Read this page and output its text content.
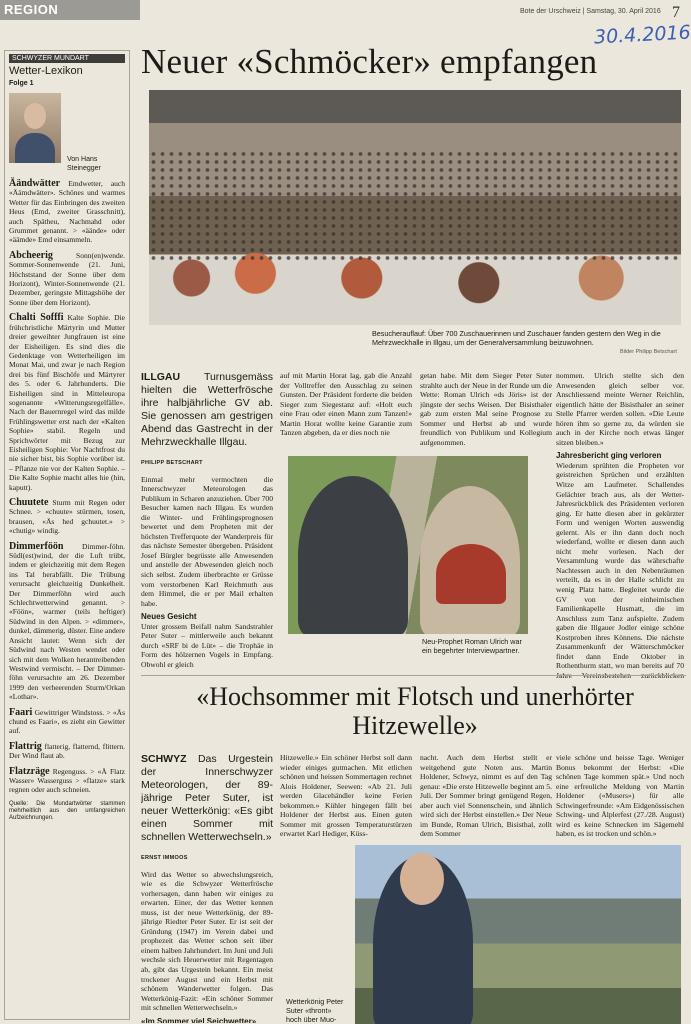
REGION	Bote der Urschweiz | Samstag, 30. April 2016 7
30.4.2016
SCHWYZER MUNDART
Wetter-Lexikon
Folge 1
Von Hans Steinegger
Äändwätter Emdwetter, auch «Äämdwätter». Schönes und warmes Wetter für das Einbringen des zweiten Heus (Emd, zweiter Grasschnitt), auch Spätheu, Nachmahd oder Grummet genannt. > «äände» oder «äämde» Emd einsammeln.
Abcheerig	Sonn(en)wende. Sommer-Sonnenwende (21. Juni, Höchststand der Sonne über dem Horizont), Winter-Sonnenwende (21. Dezember, geringste Mittagshöhe der Sonne über dem Horizont).
Chalti Sofffi Kalte Sophie. Die frühchristliche Märtyrin und Mutter dreier geweihter Jungfrauen ist eine der Eisheiligen. Es sind dies die Gedenktage von Wetterheiligen im Monat Mai, und zwar je nach Region drei bis fünf Bischöfe und Märtyrer des 5. oder 6. Jahrhunderts. Die Eisheiligen sind in Mitteleuropa sogenannte «Witterungsregelfälle». Nach der Bauernregel wird das milde Frühlingswetter erst nach der «Kalten Sophie» stabil. Regeln und Sprichwörter mit Bezug zur Eisheiligen Sophie: Vor Nachtfrost du nie sicher bist, bis Sophie vorüber ist. – Pflanze nie vor der Kalten Sophie. – Die Kalte Sophie macht alles hie (hin, kaputt).
Chuutete Sturm mit Regen oder Schnee. > «chuute» stürmen, tosen, brausen, «Äs hed gchuutet.» > «chutig» windig.
Dimmerföön Dimmer-föhn. Südl(est)wind, der die Luft trübt, indem er gleichzeitig mit dem Regen ins Tal herabfällt. Die Trübung verursacht gleichzeitig Dunkelheit. Der Dimmerföhn wird auch Schlechtwetterwind genannt. > «Föön», warmer (teils heftiger) Südwind in den Alpen. > «dimmer», dunkel, dämmerig, düster. Eine andere Ansicht lautet: Wenn sich der Südwind nach Westen wendet oder sich mit dem Wolken herantreibenden Westwind vermischt. – Der Dimmer-föhn verursachte am 26. Dezember 1999 den verheerenden Sturm/Orkan «Lothar».
Faari Gewittriger Windstoss. > «Äs chund es Faari», es zieht ein Gewitter auf.
Flattrig flatterig, flatternd, flittern. Der Wind flaut ab.
Flatzräge Regenguss. > «Ä Flatz Wasser» Wasserguss > «flatze» stark regnen oder auch schneien.
Quelle: Die Mundartwörter stammen mehrheitlich aus den umfangreichen Aufzeichnungen.
Neuer «Schmöcker» empfangen
Besucherauflauf: Über 700 Zuschauerinnen und Zuschauer fanden gestern den Weg in die Mehrzweckhalle in Illgau, um der Generalversammlung beizuwohnen.
Bilder Philipp Betschart
ILLGAU Turnusgemäss hielten die Wetterfrösche ihre halbjährliche GV ab. Sie genossen am gestrigen Abend das Gastrecht in der Mehrzweckhalle Illgau.
PHILIPP BETSCHART
Einmal mehr vermochten die Innerschwyzer Meteorologen das Publikum in Scharen anzuziehen. Über 700 Besucher kamen nach Illgau. Es wurden die Winter- und Frühlingsprognosen bewertet und dem Propheten mit der höchsten Trefferquote der Wanderpreis für das nächste Semester übergeben. Präsident Josef Bürgler begrüsste alle Anwesenden und anstelle der Abwesenden gleich noch sich selbst. Zudem überbrachte er Grüsse vom verstorbenen Karl Reichmuth aus dem Himmel, die er per Mail erhalten habe.
Neues Gesicht
Unter grossem Beifall nahm Sandstrahler Peter Suter – mittlerweile auch bekannt durch «SRF bi de Lüt» – die Trophäe in Form des hölzernen Vogels in Empfang. Obwohl er gleich
auf mit Martin Horat lag, gab die Anzahl der Volltreffer den Ausschlag zu seinen Gunsten. Der Präsident forderte die beiden Sieger zum Siegestanz auf: «Holt euch eine Frau oder einen Mann zum Tanzen!» Martin Horat wollte keine Garantie zum Tanzen abgeben, da er dies noch nie
getan habe. Mit dem Sieger Peter Suter strahlte auch der Neue in der Runde um die Wette: Roman Ulrich «ds Jöris» ist der jüngste der sechs Weisen. Der Bisisthaler gab zum ersten Mal seine Prognose zu Sommer und Herbst ab und wurde freundlich von Publikum und Kollegium aufgenommen.
nommen. Ulrich stellte sich den Anwesenden gleich selber vor. Anschliessend meinte Werner Reichlin, eigentlich hätte der Bisisthaler an seiner Stelle Pfarrer werden sollen. «Die Leute hören ihm so gerne zu, da würden sie auch in der Kirche noch etwas länger sitzen bleiben.»
Jahresbericht ging verloren
Wiederum sprühten die Propheten vor geistreichen Sprüchen und erzählten Witze am Laufmeter. Schallendes Gelächter brach aus, als der Wetter-Jahresrückblick des Präsidenten verloren ging. Er hatte diesen aber in gekürzter Form und wenigen Worten auswendig gelernt. Als er ihn dann doch noch wiederfand, wollte er diesen dann auch nicht mehr vorlesen. Nach der Versammlung wurde das währschafte Nachtessen auch in den Nebenräumen verteilt, da es in der Halle schlicht zu wenig Platz hatte. Begleitet wurde die GV von der einheimischen Familienkapelle Husmatt, die im Anschluss zum Tanz aufspielte. Zudem gaben die Illgauer Jodler einige schöne Kostproben ihres Könnens. Die nächste Zusammenkunft der Wätterschmöcker findet dann Ende Oktober in Rothenthurm statt, wo man bereits auf 70
Neu-Prophet Roman Ulrich war ein begehrter Interviewpartner.
«Hochsommer mit Flotsch und unerhörter Hitzewelle»
SCHWYZ Das Urgestein der Innerschwyzer Meteorologen, der 89-jährige Peter Suter, ist neuer Wetterkönig: «Es gibt einen Sommer mit schnellen Wetterwechseln.»
ERNST IMMOOS
Wird das Wetter so abwechslungsreich, wie es die Schwyzer Wetterfrösche vorhersagen, dann haben wir einiges zu erwarten. Einer, der das Wetter kennen muss, ist der neue Wetterkönig, der 89-jährige Riedter Peter Suter. Er ist seit der Gründung (1947) im Verein dabei und prophezeit das Wetter schon seit über einem halben Jahrhundert. Im Juni und Juli wechsle sich Heuerwetter mit Regentagen ab, gibt das Urgestein bekannt. Ein meist trockener August und ein Herbst mit schönem Wanderwetter folgen. Das Wetterkönig-Fazit: «Ein schöner Sommer mit schnellen Wetterwechseln.»
«Im Sommer viel Seichwetter»
Hitzewelle.» Ein schöner Herbst soll dann wieder einiges gutmachen. Mit etlichen schönen und heissen Sommertagen rechnet Alois Holdener, Seewen: «Ab 21. Juli werden Glacehändler keine Ferien bekommen.» Kühler hingegen fällt bei Holdener der Herbst aus. Einen guten Sommer mit grossen Temperaturstürzen erwartet Karl Hediger, Küss-
nacht. Auch dem Herbst stellt er weitgehend gute Noten aus. Martin Holdener, Schwyz, nimmt es auf den Tag genau: «Die erste Hitzewelle beginnt am 5. Juli. Der Sommer bringt genügend Regen, aber auch viel Sonnenschein, und ähnlich wird sich der Herbst einstellen.» Der Neue im Bunde, Roman Ulrich, Bisisthal, zollt dem Sommer
viele schöne und heisse Tage. Weniger Bonus bekommt der Herbst: «Die schönen Tage kommen spät.» Und noch eine erfreuliche Meldung von Martin Holdener («Musers») für alle Schwingerfreunde: «Am Eidgenössischen Schwing- und Älplerfest (27./28. August) wird es keine Schnecken im Sägemehl haben, es ist trocken und schön.»
Wetterkönig Peter Suter «thront» hoch über Muo-
